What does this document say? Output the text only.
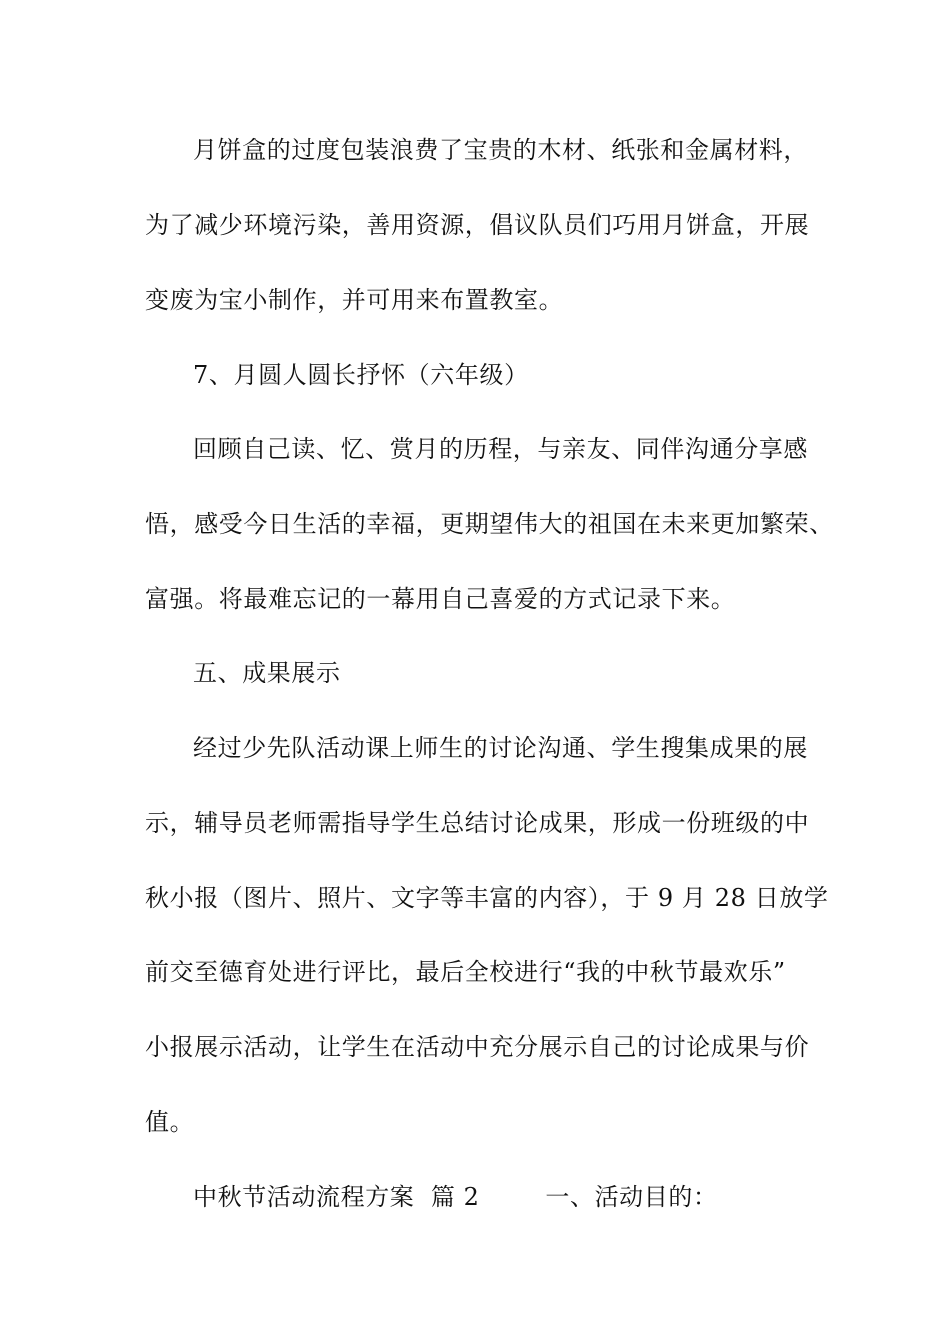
月饼盒的过度包装浪费了宝贵的木材、纸张和金属材料，
为了减少环境污染，善用资源，倡议队员们巧用月饼盒，开展
变废为宝小制作，并可用来布置教室。
7、月圆人圆长抒怀（六年级）
回顾自己读、忆、赏月的历程，与亲友、同伴沟通分享感
悟，感受今日生活的幸福，更期望伟大的祖国在未来更加繁荣、
富强。将最难忘记的一幕用自己喜爱的方式记录下来。
五、成果展示
经过少先队活动课上师生的讨论沟通、学生搜集成果的展
示，辅导员老师需指导学生总结讨论成果，形成一份班级的中
秋小报（图片、照片、文字等丰富的内容），于 9 月 28 日放学
前交至德育处进行评比，最后全校进行“我的中秋节最欢乐”
小报展示活动，让学生在活动中充分展示自己的讨论成果与价
值。
中秋节活动流程方案  篇 2        一、活动目的：
